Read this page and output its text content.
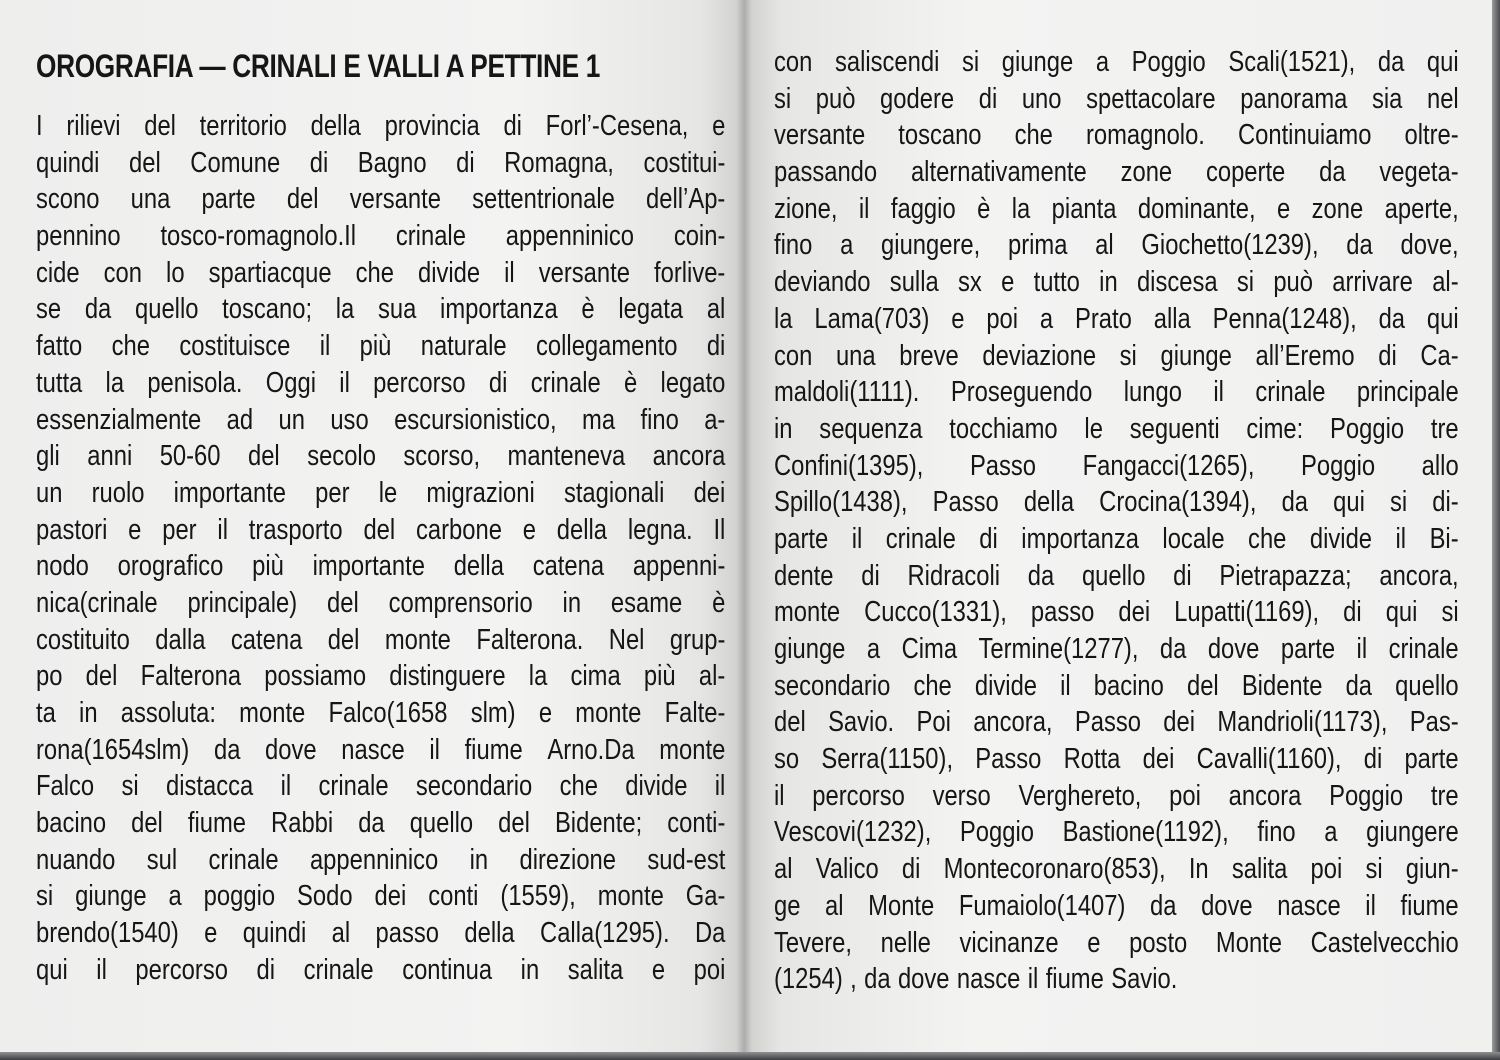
OROGRAFIA — CRINALI E VALLI A PETTINE 1
I rilievi del territorio della provincia di Forl’-Cesena, e
quindi del Comune di Bagno di Romagna, costitui-
scono una parte del versante settentrionale dell’Ap-
pennino tosco-romagnolo.Il crinale appenninico coin-
cide con lo spartiacque che divide il versante forlive-
se da quello toscano; la sua importanza è legata al
fatto che costituisce il più naturale collegamento di
tutta la penisola. Oggi il percorso di crinale è legato
essenzialmente ad un uso escursionistico, ma fino a-
gli anni 50-60 del secolo scorso, manteneva ancora
un ruolo importante per le migrazioni stagionali dei
pastori e per il trasporto del carbone e della legna. Il
nodo orografico più importante della catena appenni-
nica(crinale principale) del comprensorio in esame è
costituito dalla catena del monte Falterona. Nel grup-
po del Falterona possiamo distinguere la cima più al-
ta in assoluta: monte Falco(1658 slm) e monte Falte-
rona(1654slm) da dove nasce il fiume Arno.Da monte
Falco si distacca il crinale secondario che divide il
bacino del fiume Rabbi da quello del Bidente; conti-
nuando sul crinale appenninico in direzione sud-est
si giunge a poggio Sodo dei conti (1559), monte Ga-
brendo(1540) e quindi al passo della Calla(1295). Da
qui il percorso di crinale continua in salita e poi
con saliscendi si giunge a Poggio Scali(1521), da qui
si può godere di uno spettacolare panorama sia nel
versante toscano che romagnolo. Continuiamo oltre-
passando alternativamente zone coperte da vegeta-
zione, il faggio è la pianta dominante, e zone aperte,
fino a giungere, prima al Giochetto(1239), da dove,
deviando sulla sx e tutto in discesa si può arrivare al-
la Lama(703) e poi a Prato alla Penna(1248), da qui
con una breve deviazione si giunge all’Eremo di Ca-
maldoli(1111). Proseguendo lungo il crinale principale
in sequenza tocchiamo le seguenti cime: Poggio tre
Confini(1395), Passo Fangacci(1265), Poggio allo
Spillo(1438), Passo della Crocina(1394), da qui si di-
parte il crinale di importanza locale che divide il Bi-
dente di Ridracoli da quello di Pietrapazza; ancora,
monte Cucco(1331), passo dei Lupatti(1169), di qui si
giunge a Cima Termine(1277), da dove parte il crinale
secondario che divide il bacino del Bidente da quello
del Savio. Poi ancora, Passo dei Mandrioli(1173), Pas-
so Serra(1150), Passo Rotta dei Cavalli(1160), di parte
il percorso verso Verghereto, poi ancora Poggio tre
Vescovi(1232), Poggio Bastione(1192), fino a giungere
al Valico di Montecoronaro(853), In salita poi si giun-
ge al Monte Fumaiolo(1407) da dove nasce il fiume
Tevere, nelle vicinanze e posto Monte Castelvecchio
(1254) , da dove nasce il fiume Savio.
